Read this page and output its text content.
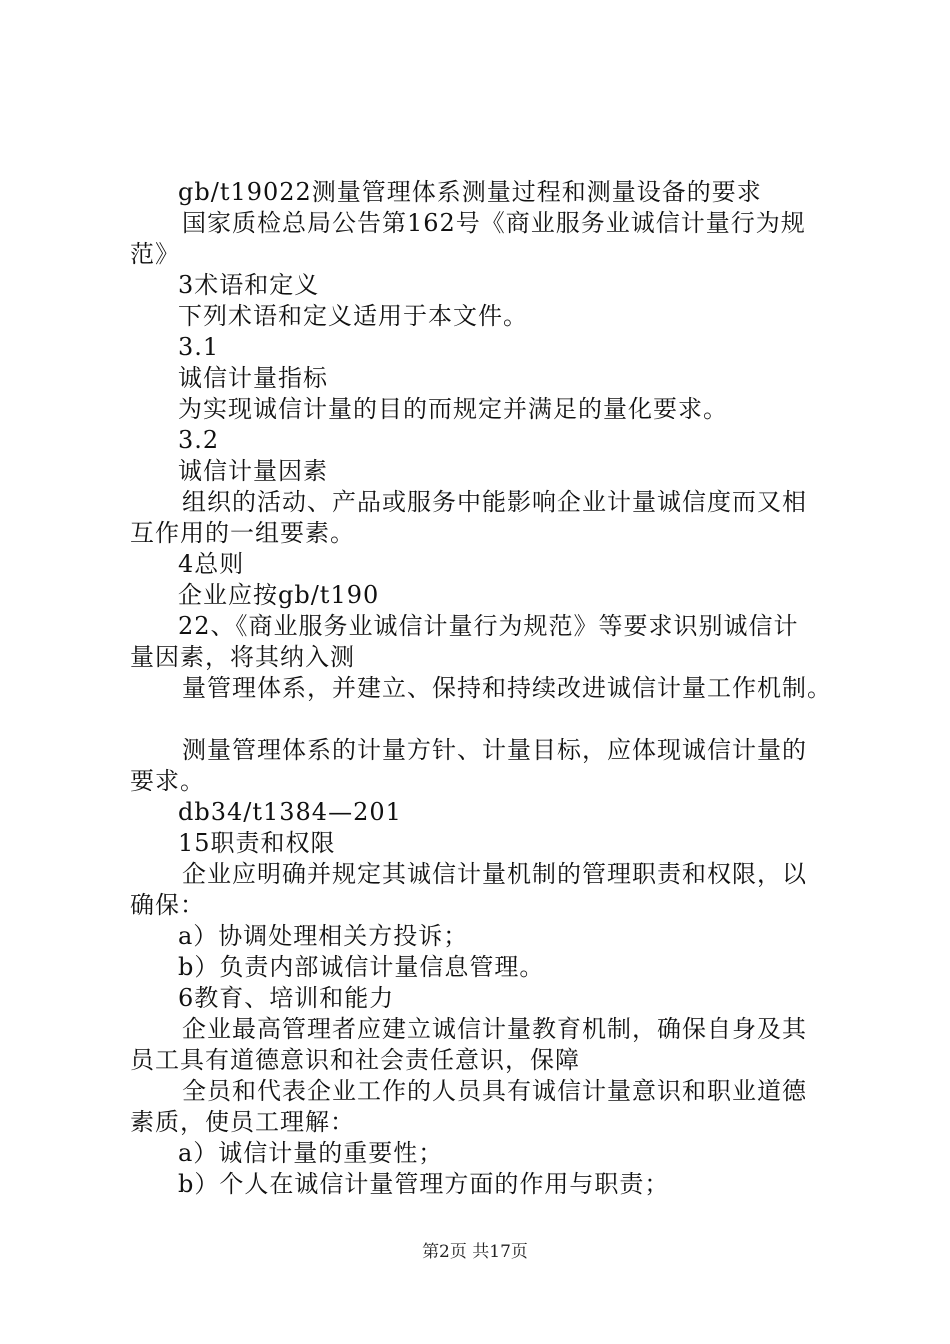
gb/t19022测量管理体系测量过程和测量设备的要求
国家质检总局公告第162号《商业服务业诚信计量行为规
范》
3术语和定义
下列术语和定义适用于本文件。
3.1
诚信计量指标
为实现诚信计量的目的而规定并满足的量化要求。
3.2
诚信计量因素
组织的活动、产品或服务中能影响企业计量诚信度而又相
互作用的一组要素。
4总则
企业应按gb/t190
22、《商业服务业诚信计量行为规范》等要求识别诚信计
量因素，将其纳入测
量管理体系，并建立、保持和持续改进诚信计量工作机制。
测量管理体系的计量方针、计量目标，应体现诚信计量的
要求。
db34/t1384—201
15职责和权限
企业应明确并规定其诚信计量机制的管理职责和权限，以
确保：
a）协调处理相关方投诉；
b）负责内部诚信计量信息管理。
6教育、培训和能力
企业最高管理者应建立诚信计量教育机制，确保自身及其
员工具有道德意识和社会责任意识，保障
全员和代表企业工作的人员具有诚信计量意识和职业道德
素质，使员工理解：
a）诚信计量的重要性；
b）个人在诚信计量管理方面的作用与职责；
第2页 共17页
